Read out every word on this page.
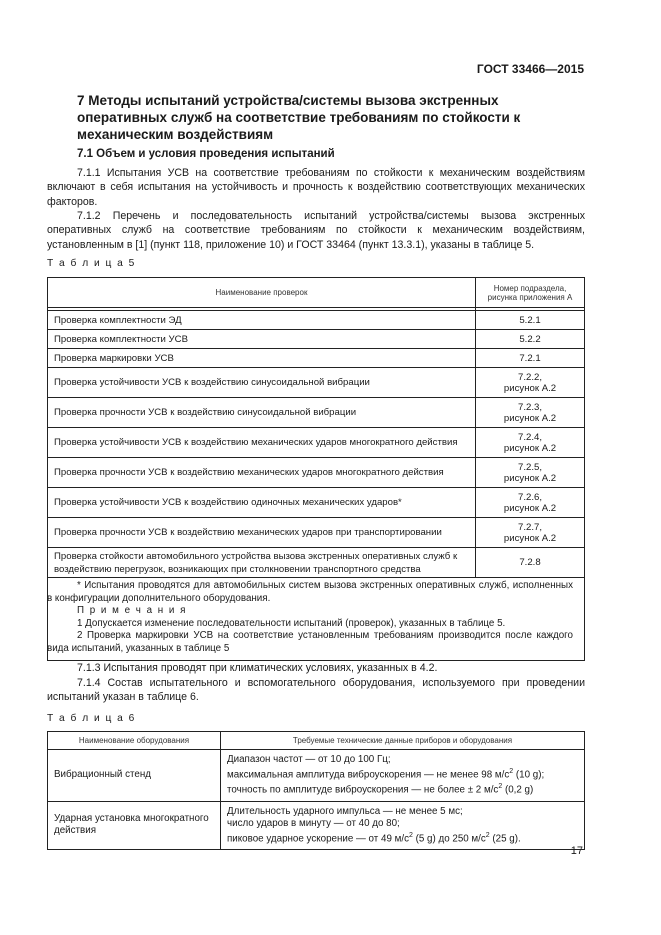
ГОСТ 33466—2015
7 Методы испытаний устройства/системы вызова экстренных оперативных служб на соответствие требованиям по стойкости к механическим воздействиям
7.1 Объем и условия проведения испытаний
7.1.1 Испытания УСВ на соответствие требованиям по стойкости к механическим воздействиям включают в себя испытания на устойчивость и прочность к воздействию соответствующих механических факторов.
7.1.2 Перечень и последовательность испытаний устройства/системы вызова экстренных оперативных служб на соответствие требованиям по стойкости к механическим воздействиям, установленным в [1] (пункт 118, приложение 10) и ГОСТ 33464 (пункт 13.3.1), указаны в таблице 5.
Т а б л и ц а 5
Наименование проверок	Номер подраздела,
рисунка приложения А

Проверка комплектности ЭД	5.2.1

Проверка комплектности УСВ	5.2.2

Проверка маркировки УСВ	7.2.1

Проверка устойчивости УСВ к воздействию синусоидальной вибрации	7.2.2,
рисунок А.2

Проверка прочности УСВ к воздействию синусоидальной вибрации	7.2.3,
рисунок А.2

Проверка устойчивости УСВ к воздействию механических ударов многократного действия	7.2.4,
рисунок А.2

Проверка прочности УСВ к воздействию механических ударов многократного действия	7.2.5,
рисунок А.2

Проверка устойчивости УСВ к воздействию одиночных механических ударов*	7.2.6,
рисунок А.2

Проверка прочности УСВ к воздействию механических ударов при транспортировании	7.2.7,
рисунок А.2

Проверка стойкости автомобильного устройства вызова экстренных оперативных служб к воздействию перегрузок, возникающих при столкновении транспортного средства	7.2.8

* Испытания проводятся для автомобильных систем вызова экстренных оперативных служб, исполненных в конфигурации дополнительного оборудования.
П р и м е ч а н и я
1 Допускается изменение последовательности испытаний (проверок), указанных в таблице 5.
2 Проверка маркировки УСВ на соответствие установленным требованиям производится после каждого вида испытаний, указанных в таблице 5
7.1.3 Испытания проводят при климатических условиях, указанных в 4.2.
7.1.4 Состав испытательного и вспомогательного оборудования, используемого при проведении испытаний указан в таблице 6.
Т а б л и ц а 6
Наименование оборудования	Требуемые технические данные приборов и оборудования
Вибрационный стенд	Диапазон частот — от 10 до 100 Гц;
максимальная амплитуда виброускорения — не менее 98 $м/с^2$ (10 g);
точность по амплитуде виброускорения — не более ± 2 $м/с^2$ (0,2 g)

Ударная установка многократного действия	Длительность ударного импульса — не менее 5 мс;
число ударов в минуту — от 40 до 80;
пиковое ударное ускорение — от 49 $м/с^2$ (5 g) до 250 $м/с^2$ (25 g).
17
